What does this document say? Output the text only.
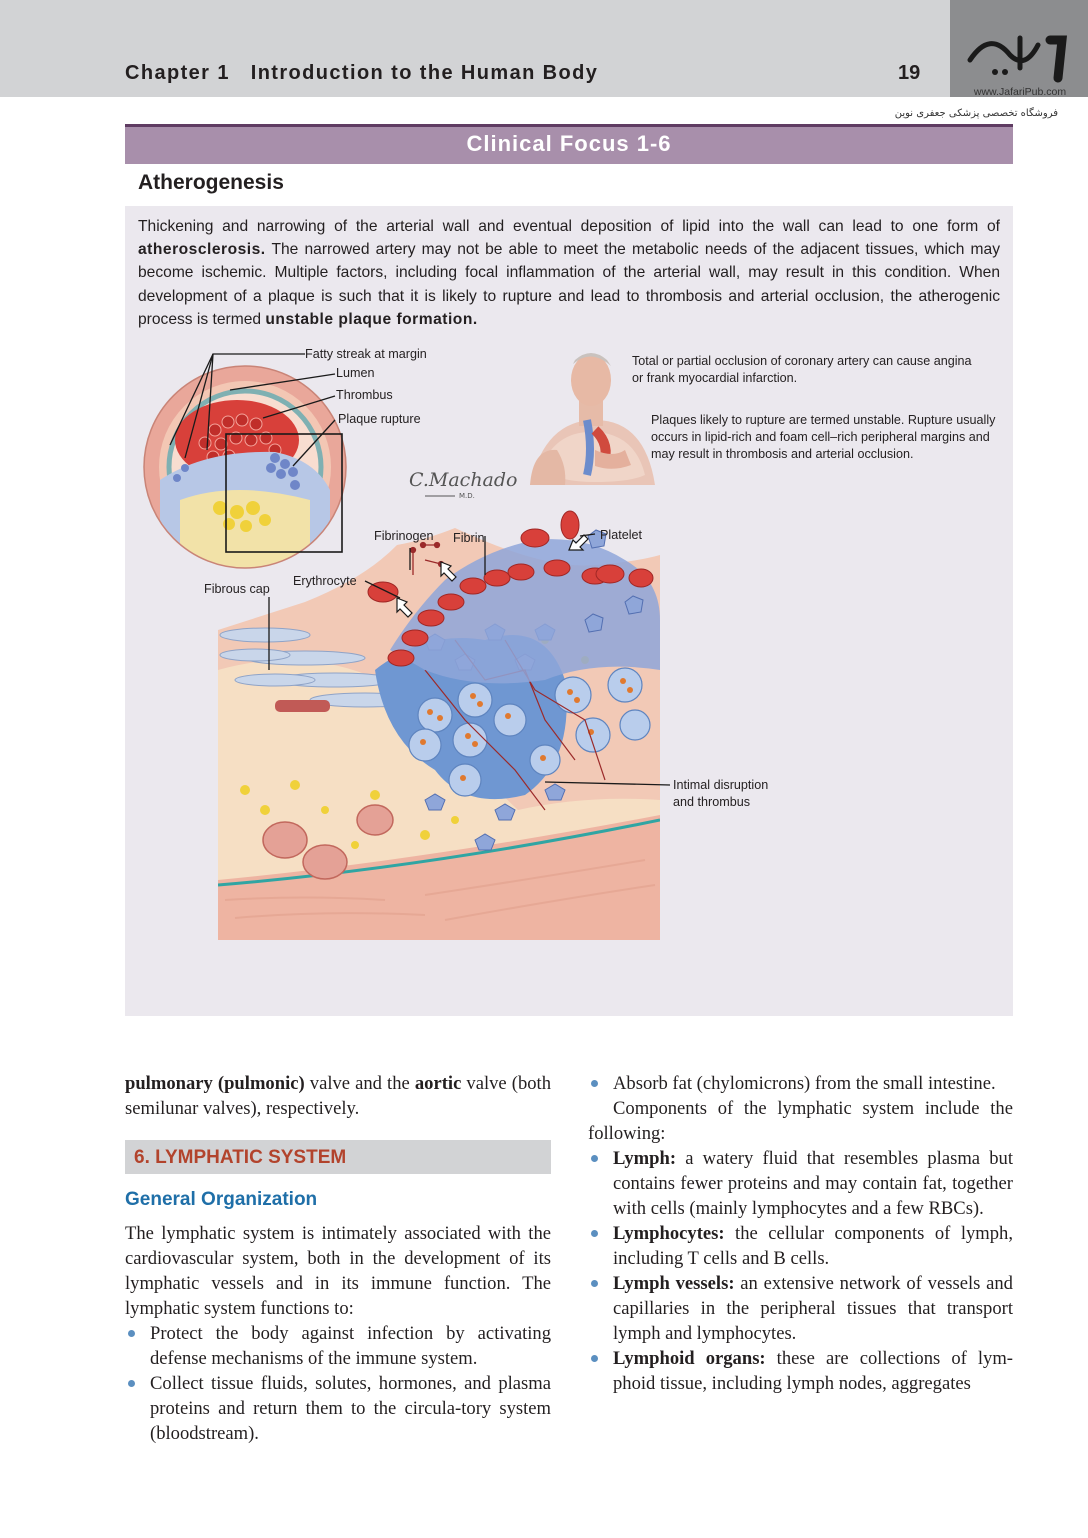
Chapter 1 Introduction to the Human Body	19
www.JafariPub.com
فروشگاه تخصصی پزشکی جعفری نوین
Clinical Focus 1-6
Atherogenesis
Thickening and narrowing of the arterial wall and eventual deposition of lipid into the wall can lead to one form of atherosclerosis. The narrowed artery may not be able to meet the metabolic needs of the adjacent tissues, which may become ischemic. Multiple factors, including focal inflammation of the arterial wall, may result in this condition. When development of a plaque is such that it is likely to rupture and lead to thrombosis and arterial occlusion, the atherogenic process is termed unstable plaque formation.
C.Machado
M.D.
Fatty streak at margin
Lumen
Thrombus
Plaque rupture
Fibrinogen Fibrin	Platelet
Fibrous cap
Erythrocyte
Intimal disruption
and thrombus
Total or partial occlusion of coronary artery can cause angina or frank myocardial infarction.
Plaques likely to rupture are termed unstable. Rupture usually occurs in lipid-rich and foam cell–rich peripheral margins and may result in thrombosis and arterial occlusion.

pulmonary (pulmonic) valve and the aortic valve (both semilunar valves), respectively.

6. LYMPHATIC SYSTEM
General Organization

The lymphatic system is intimately associated with the cardiovascular system, both in the development of its lymphatic vessels and in its immune function. The lymphatic system functions to:

Protect the body against infection by activating defense mechanisms of the immune system.

Collect tissue fluids, solutes, hormones, and plasma proteins and return them to the circula-tory system (bloodstream).

Absorb fat (chylomicrons) from the small intestine.

Components of the lymphatic system include the following:

Lymph: a watery fluid that resembles plasma but contains fewer proteins and may contain fat, together with cells (mainly lymphocytes and a few RBCs).

Lymphocytes: the cellular components of lymph, including T cells and B cells.

Lymph vessels: an extensive network of vessels and capillaries in the peripheral tissues that transport lymph and lymphocytes.

Lymphoid organs: these are collections of lym-phoid tissue, including lymph nodes, aggregates
